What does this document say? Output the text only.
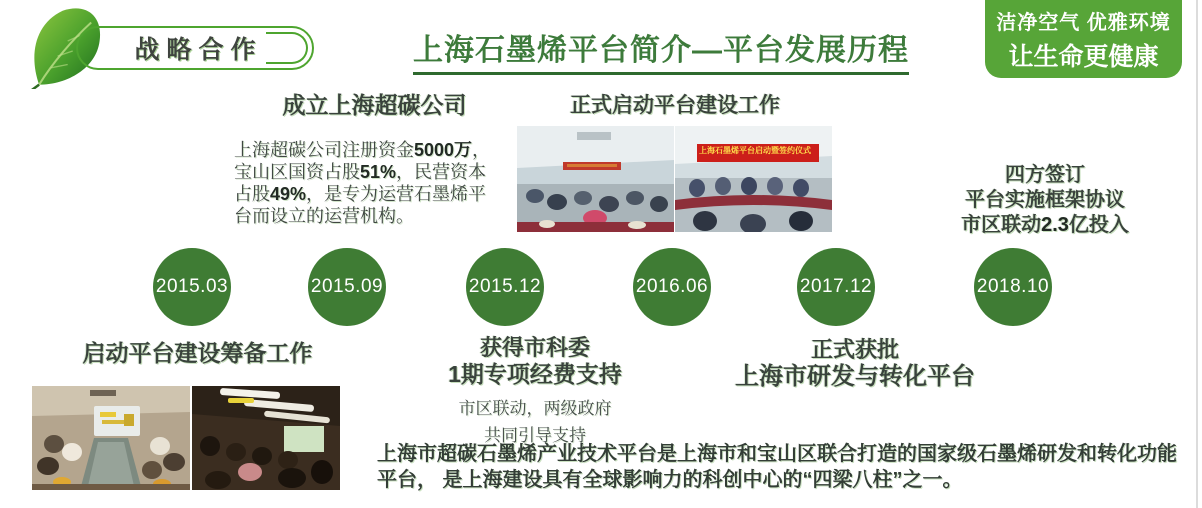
战略合作	上海石墨烯平台简介—平台发展历程
洁净空气 优雅环境
让生命更健康
成立上海超碳公司
上海超碳公司注册资金5000万，宝山区国资占股51%，民营资本占股49%，是专为运营石墨烯平台而设立的运营机构。
正式启动平台建设工作
上海石墨烯平台启动暨签约仪式
四方签订
平台实施框架协议
市区联动2.3亿投入
2015.03	2015.09	2015.12	2016.06	2017.12	2018.10
启动平台建设筹备工作	获得市科委
1期专项经费支持
市区联动，两级政府
共同引导支持
正式获批
上海市研发与转化平台
上海市超碳石墨烯产业技术平台是上海市和宝山区联合打造的国家级石墨烯研发和转化功能
平台， 是上海建设具有全球影响力的科创中心的“四梁八柱”之一。
